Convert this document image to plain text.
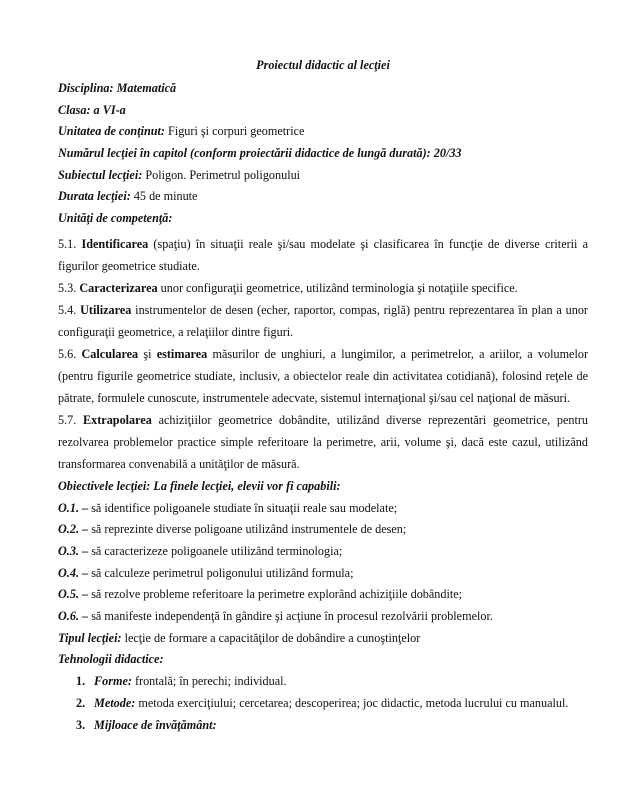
Proiectul didactic al lecţiei
Disciplina: Matematică
Clasa: a VI-a
Unitatea de conţinut: Figuri şi corpuri geometrice
Numărul lecţiei în capitol (conform proiectării didactice de lungă durată): 20/33
Subiectul lecţiei: Poligon. Perimetrul poligonului
Durata lecţiei: 45 de minute
Unităţi de competenţă:

5.1. Identificarea (spaţiu) în situaţii reale şi/sau modelate şi clasificarea în funcţie de diverse criterii a figurilor geometrice studiate.

5.3. Caracterizarea unor configuraţii geometrice, utilizând terminologia şi notaţiile specifice.

5.4. Utilizarea instrumentelor de desen (echer, raportor, compas, riglă) pentru reprezentarea în plan a unor configuraţii geometrice, a relaţiilor dintre figuri.

5.6. Calcularea şi estimarea măsurilor de unghiuri, a lungimilor, a perimetrelor, a ariilor, a volumelor (pentru figurile geometrice studiate, inclusiv, a obiectelor reale din activitatea cotidiană), folosind reţele de pătrate, formulele cunoscute, instrumentele adecvate, sistemul internaţional şi/sau cel naţional de măsuri.

5.7. Extrapolarea achiziţiilor geometrice dobândite, utilizând diverse reprezentări geometrice, pentru rezolvarea problemelor practice simple referitoare la perimetre, arii, volume şi, dacă este cazul, utilizând transformarea convenabilă a unităţilor de măsură.

Obiectivele lecţiei: La finele lecţiei, elevii vor fi capabili:
O.1. – să identifice poligoanele studiate în situaţii reale sau modelate;
O.2. – să reprezinte diverse poligoane utilizând instrumentele de desen;
O.3. – să caracterizeze poligoanele utilizând terminologia;
O.4. – să calculeze perimetrul poligonului utilizând formula;
O.5. – să rezolve probleme referitoare la perimetre explorând achiziţiile dobândite;
O.6. – să manifeste independenţă în gândire şi acţiune în procesul rezolvării problemelor.
Tipul lecţiei: lecţie de formare a capacităţilor de dobândire a cunoştinţelor
Tehnologii didactice:
1. Forme: frontală; în perechi; individual.
2. Metode: metoda exerciţiului; cercetarea; descoperirea; joc didactic, metoda lucrului cu manualul.
3. Mijloace de învăţământ:
